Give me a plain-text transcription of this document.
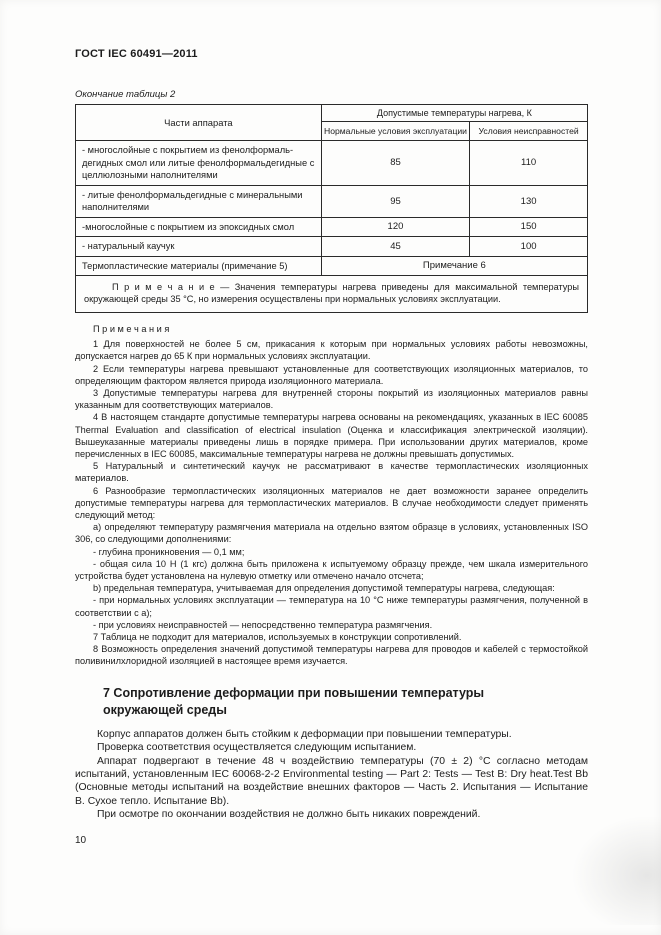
ГОСТ IEC 60491—2011
Окончание таблицы 2
Части аппарата	Допустимые температуры нагрева, К	
	Нормальные условия эксплуатации	Условия неисправностей
- многослойные с покрытием из фенолформальдегидных смол или литые фенолформальдегидные с целлюлозными наполнителями	85	110
- литые фенолформальдегидные с минеральными наполнителями	95	130
-многослойные с покрытием из эпоксидных смол	120	150
- натуральный каучук	45	100
Термопластические материалы (примечание 5)	Примечание 6	
П р и м е ч а н и е — Значения температуры нагрева приведены для максимальной температуры окружающей среды 35 °С, но измерения осуществлены при нормальных условиях эксплуатации.		
П р и м е ч а н и я

1 Для поверхностей не более 5 см, прикасания к которым при нормальных условиях работы невозможны, допускается нагрев до 65 К при нормальных условиях эксплуатации.

2 Если температуры нагрева превышают установленные для соответствующих изоляционных материалов, то определяющим фактором является природа изоляционного материала.

3 Допустимые температуры нагрева для внутренней стороны покрытий из изоляционных материалов равны указанным для соответствующих материалов.

4 В настоящем стандарте допустимые температуры нагрева основаны на рекомендациях, указанных в IEC 60085 Thermal Evaluation and classification of electrical insulation (Оценка и классификация электрической изоляции). Вышеуказанные материалы приведены лишь в порядке примера. При использовании других материалов, кроме перечисленных в IEC 60085, максимальные температуры нагрева не должны превышать допустимых.

5 Натуральный и синтетический каучук не рассматривают в качестве термопластических изоляционных материалов.

6 Разнообразие термопластических изоляционных материалов не дает возможности заранее определить допустимые температуры нагрева для термопластических материалов. В случае необходимости следует применять следующий метод:

a) определяют температуру размягчения материала на отдельно взятом образце в условиях, установленных ISO 306, со следующими дополнениями:

- глубина проникновения — 0,1 мм;

- общая сила 10 Н (1 кгс) должна быть приложена к испытуемому образцу прежде, чем шкала измерительного устройства будет установлена на нулевую отметку или отмечено начало отсчета;

b) предельная температура, учитываемая для определения допустимой температуры нагрева, следующая:

- при нормальных условиях эксплуатации — температура на 10 °С ниже температуры размягчения, полученной в соответствии с a);

- при условиях неисправностей — непосредственно температура размягчения.

7 Таблица не подходит для материалов, используемых в конструкции сопротивлений.

8 Возможность определения значений допустимой температуры нагрева для проводов и кабелей с термостойкой поливинилхлоридной изоляцией в настоящее время изучается.

7 Сопротивление деформации при повышении температуры окружающей среды

Корпус аппаратов должен быть стойким к деформации при повышении температуры.

Проверка соответствия осуществляется следующим испытанием.

Аппарат подвергают в течение 48 ч воздействию температуры (70 ± 2) °С согласно методам испытаний, установленным IEC 60068-2-2 Environmental testing — Part 2: Tests — Test B: Dry heat.Test Bb (Основные методы испытаний на воздействие внешних факторов — Часть 2. Испытания — Испытание В. Сухое тепло. Испытание Bb).

При осмотре по окончании воздействия не должно быть никаких повреждений.

10
